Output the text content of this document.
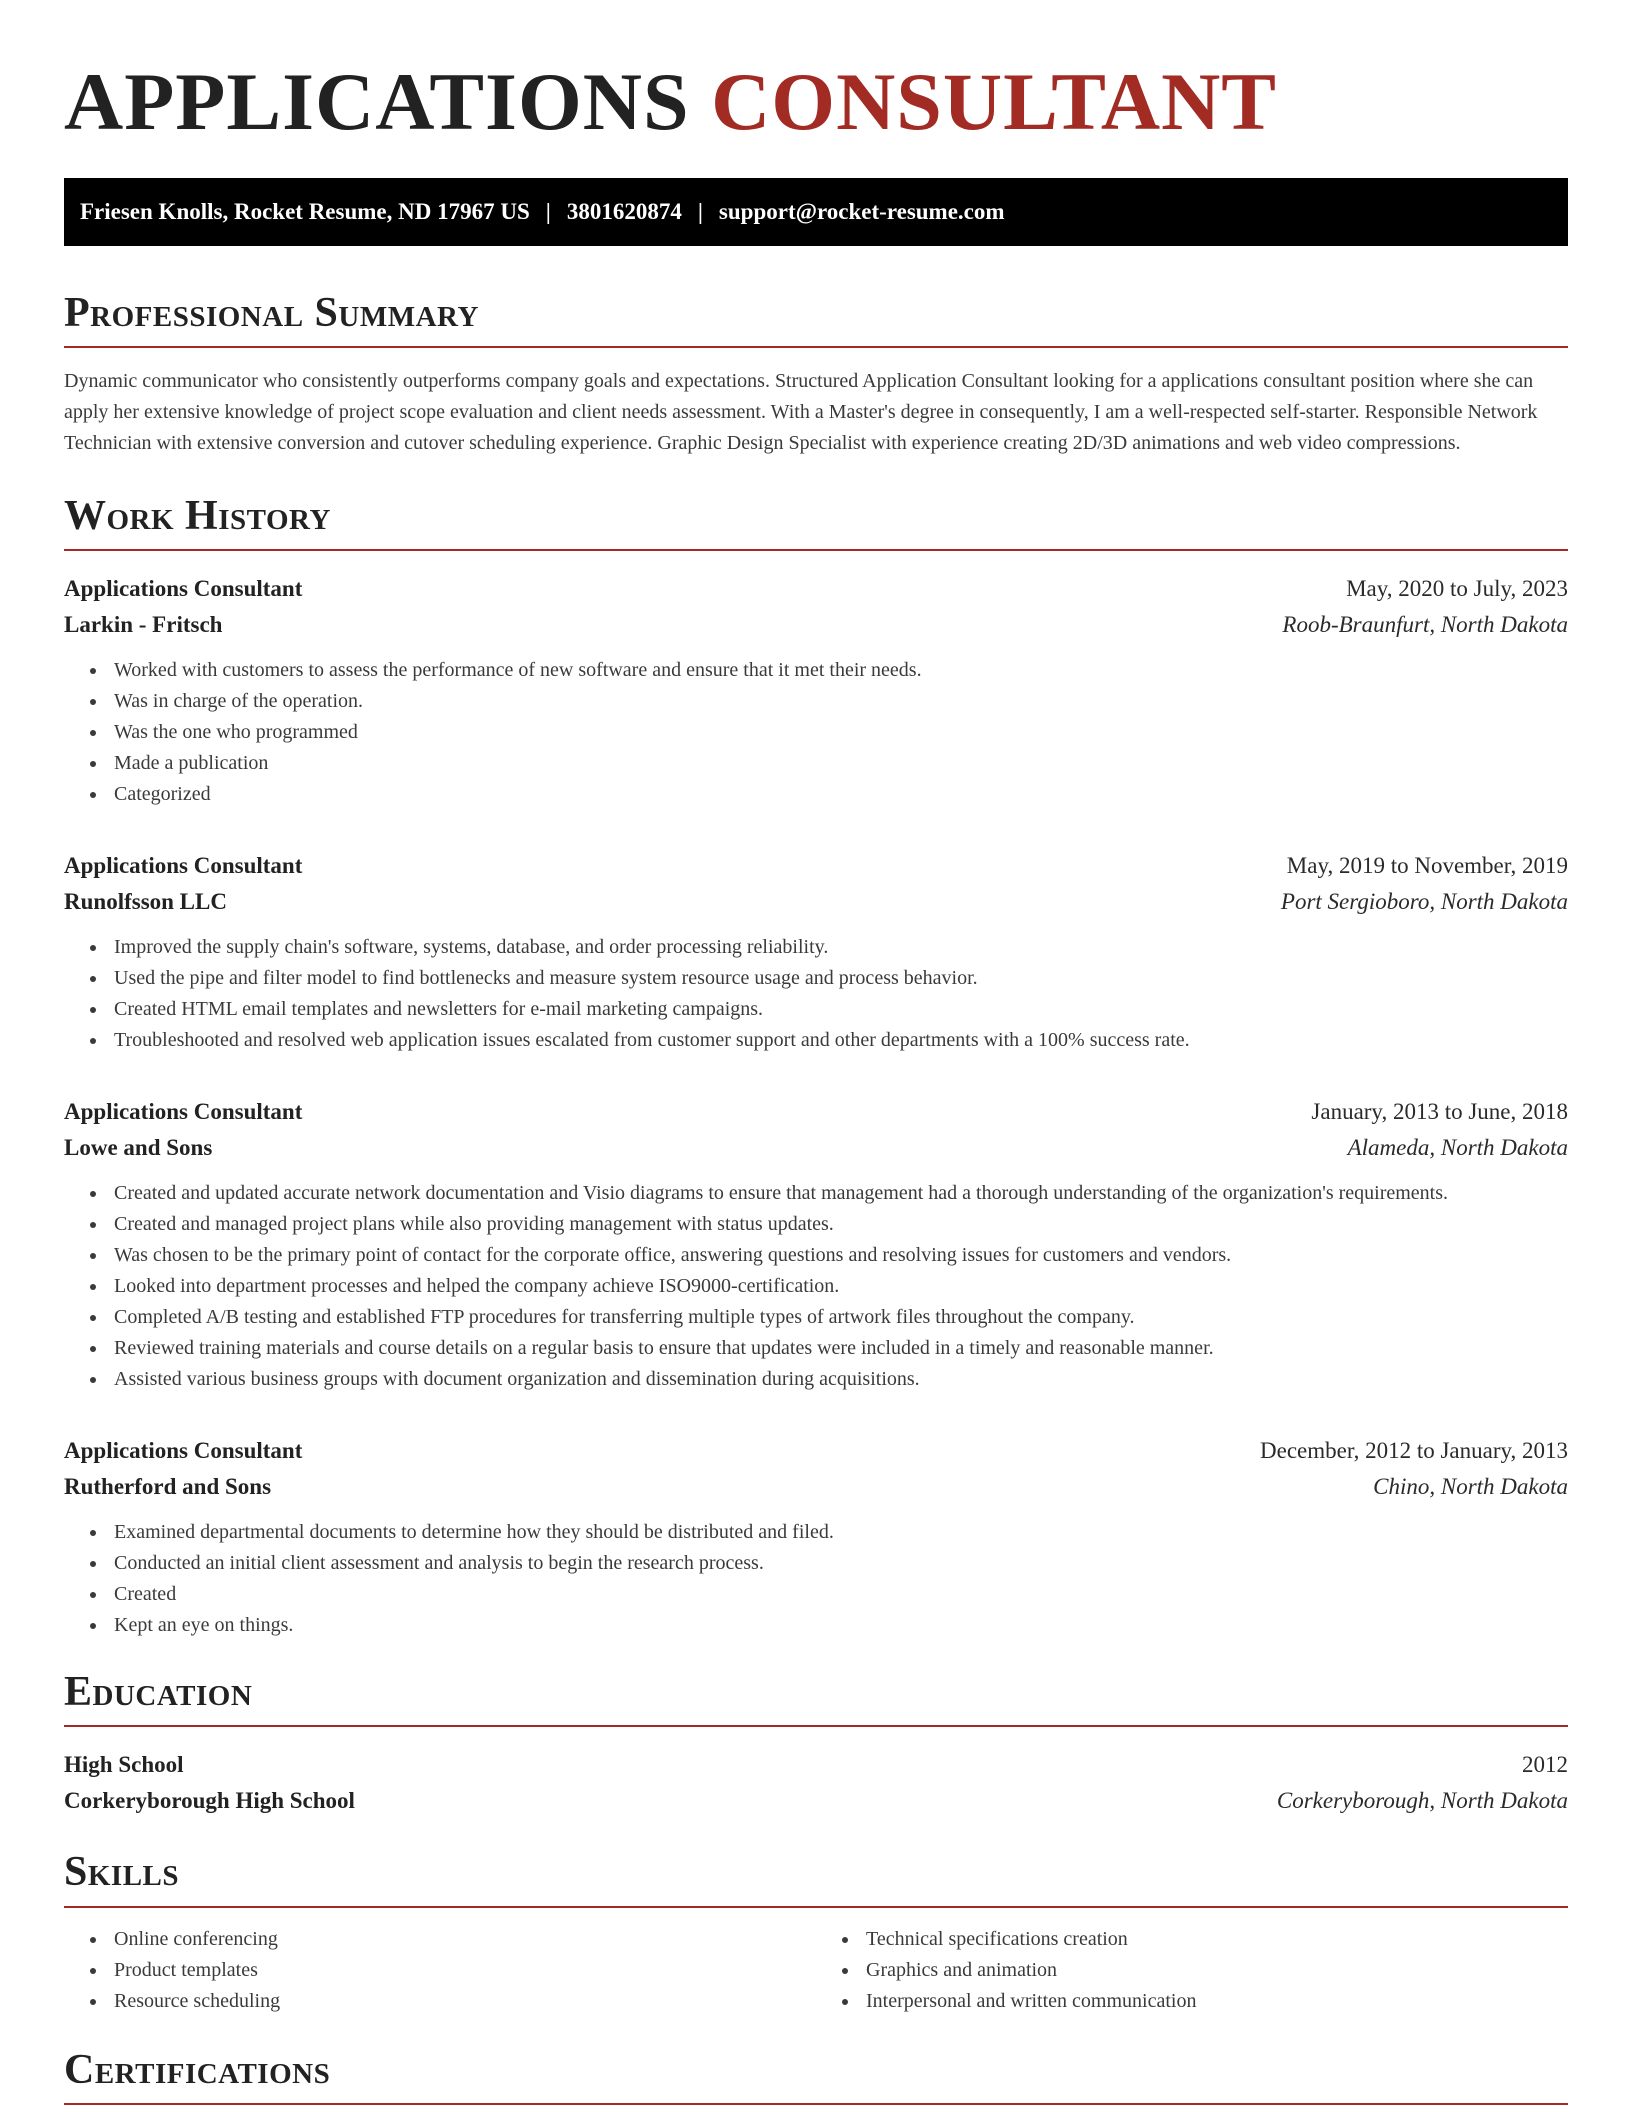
APPLICATIONS CONSULTANT
Friesen Knolls, Rocket Resume, ND 17967 US | 3801620874 | support@rocket-resume.com
Professional Summary
Dynamic communicator who consistently outperforms company goals and expectations. Structured Application Consultant looking for a applications consultant position where she can apply her extensive knowledge of project scope evaluation and client needs assessment. With a Master's degree in consequently, I am a well-respected self-starter. Responsible Network Technician with extensive conversion and cutover scheduling experience. Graphic Design Specialist with experience creating 2D/3D animations and web video compressions.
Work History
Applications Consultant	May, 2020 to July, 2023
Larkin - Fritsch	Roob-Braunfurt, North Dakota
• Worked with customers to assess the performance of new software and ensure that it met their needs.
• Was in charge of the operation.
• Was the one who programmed
• Made a publication
• Categorized
Applications Consultant	May, 2019 to November, 2019
Runolfsson LLC	Port Sergioboro, North Dakota
• Improved the supply chain's software, systems, database, and order processing reliability.
• Used the pipe and filter model to find bottlenecks and measure system resource usage and process behavior.
• Created HTML email templates and newsletters for e-mail marketing campaigns.
• Troubleshooted and resolved web application issues escalated from customer support and other departments with a 100% success rate.
Applications Consultant	January, 2013 to June, 2018
Lowe and Sons	Alameda, North Dakota
• Created and updated accurate network documentation and Visio diagrams to ensure that management had a thorough understanding of the organization's requirements.
• Created and managed project plans while also providing management with status updates.
• Was chosen to be the primary point of contact for the corporate office, answering questions and resolving issues for customers and vendors.
• Looked into department processes and helped the company achieve ISO9000-certification.
• Completed A/B testing and established FTP procedures for transferring multiple types of artwork files throughout the company.
• Reviewed training materials and course details on a regular basis to ensure that updates were included in a timely and reasonable manner.
• Assisted various business groups with document organization and dissemination during acquisitions.
Applications Consultant	December, 2012 to January, 2013
Rutherford and Sons	Chino, North Dakota
• Examined departmental documents to determine how they should be distributed and filed.
• Conducted an initial client assessment and analysis to begin the research process.
• Created
• Kept an eye on things.
Education
High School	2012
Corkeryborough High School	Corkeryborough, North Dakota
Skills
• Online conferencing
• Product templates
• Resource scheduling
• Technical specifications creation
• Graphics and animation
• Interpersonal and written communication
Certifications
